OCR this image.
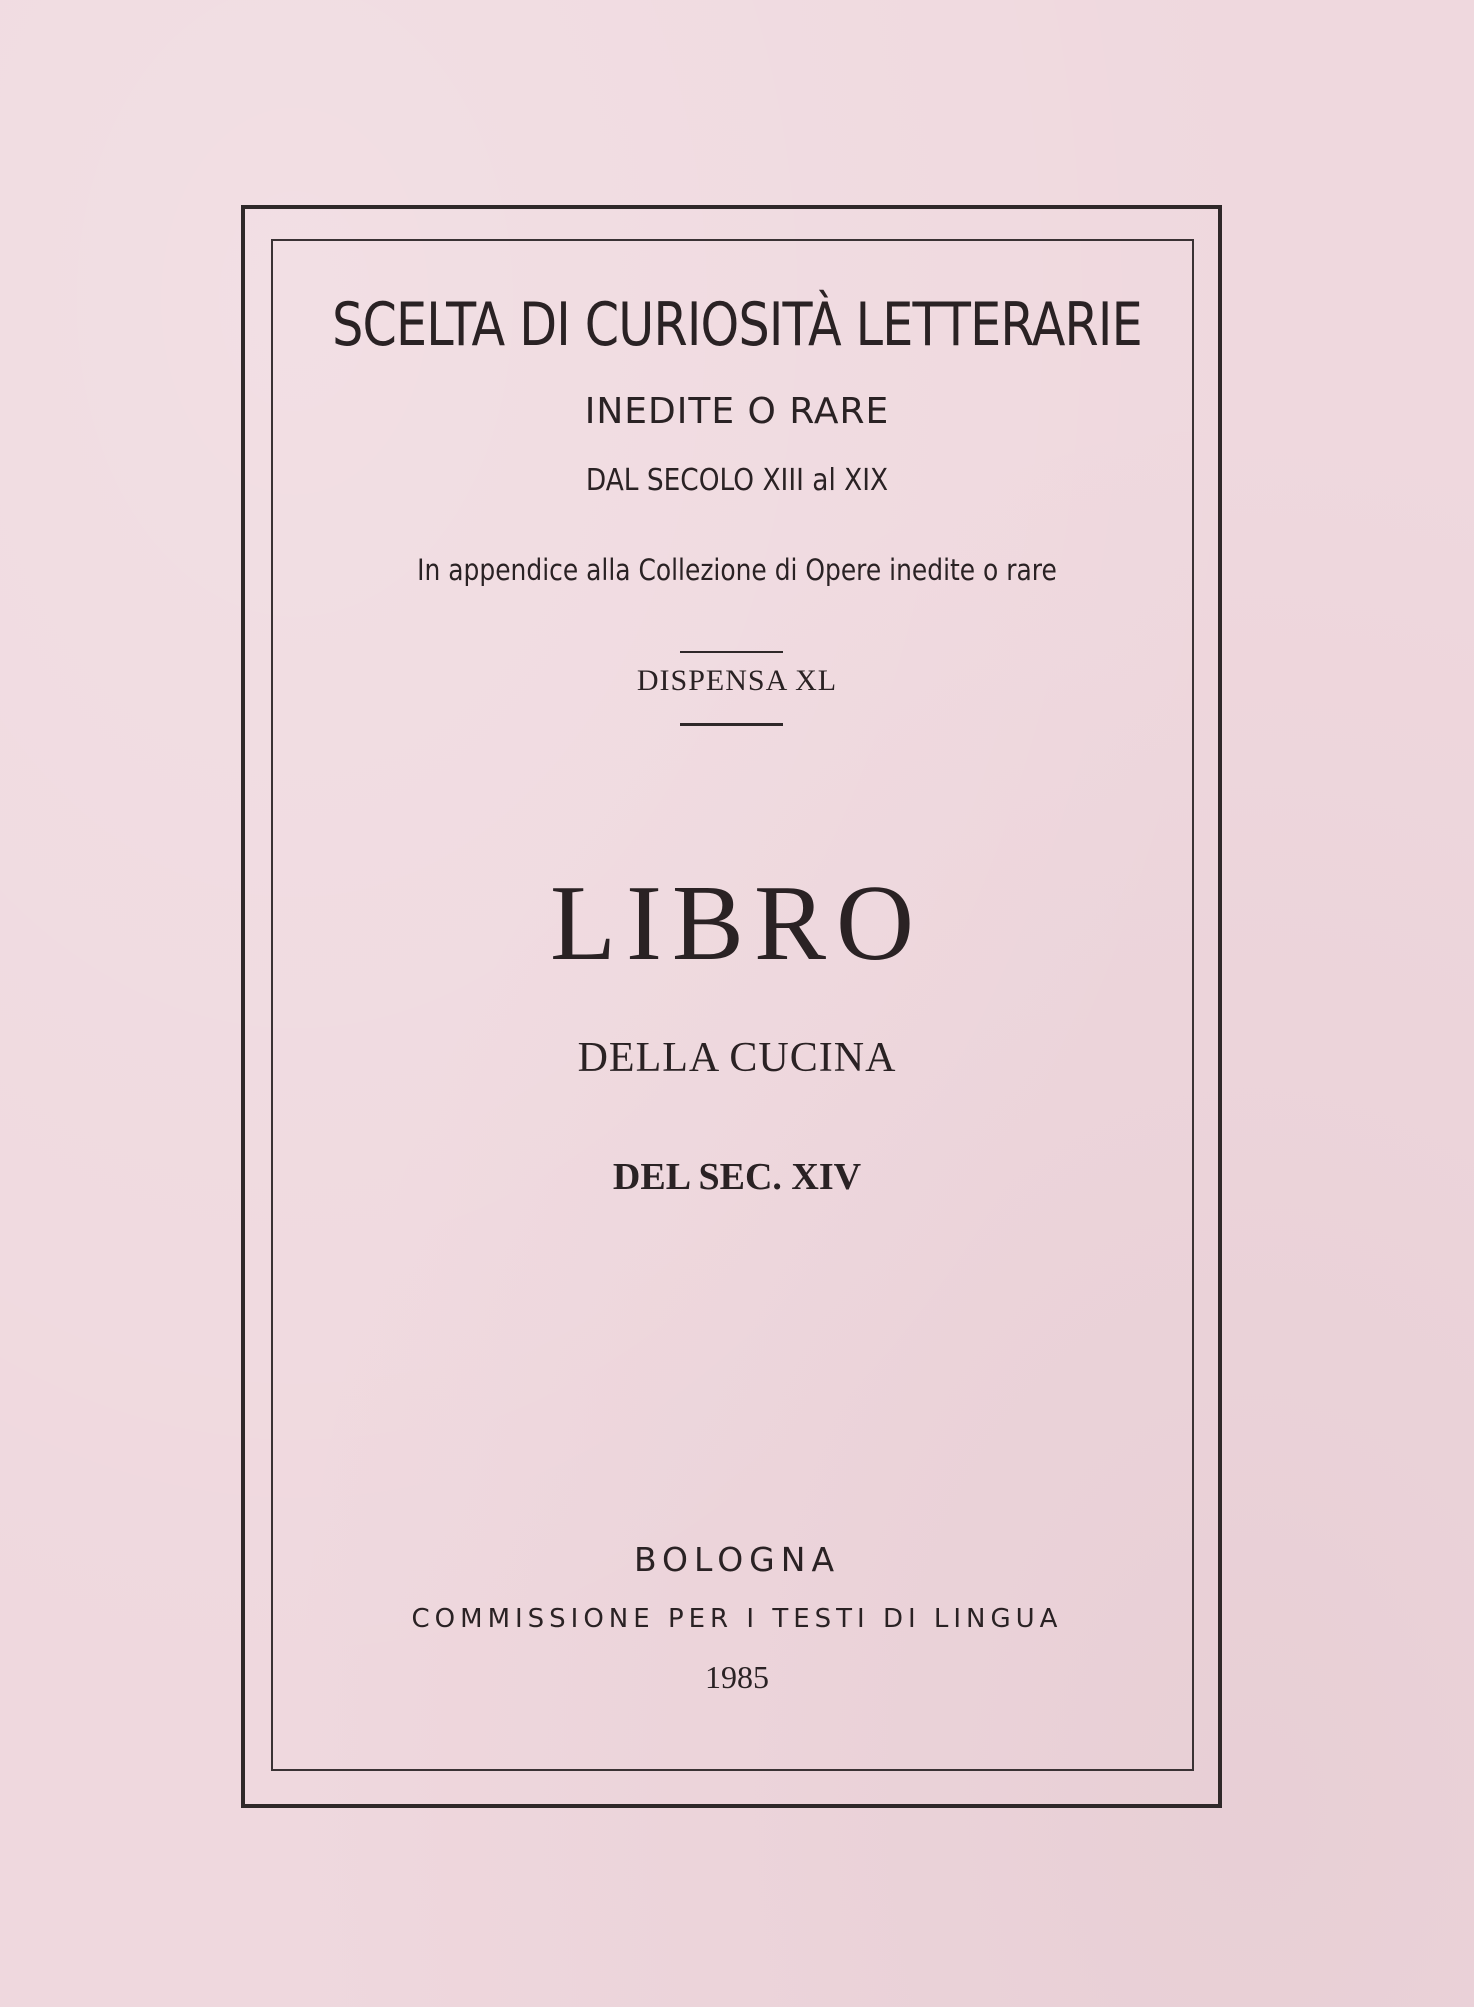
SCELTA DI CURIOSITÀ LETTERARIE
INEDITE O RARE
DAL SECOLO XIII al XIX
In appendice alla Collezione di Opere inedite o rare
DISPENSA XL
LIBRO
DELLA CUCINA
DEL SEC. XIV
BOLOGNA
COMMISSIONE PER I TESTI DI LINGUA
1985
